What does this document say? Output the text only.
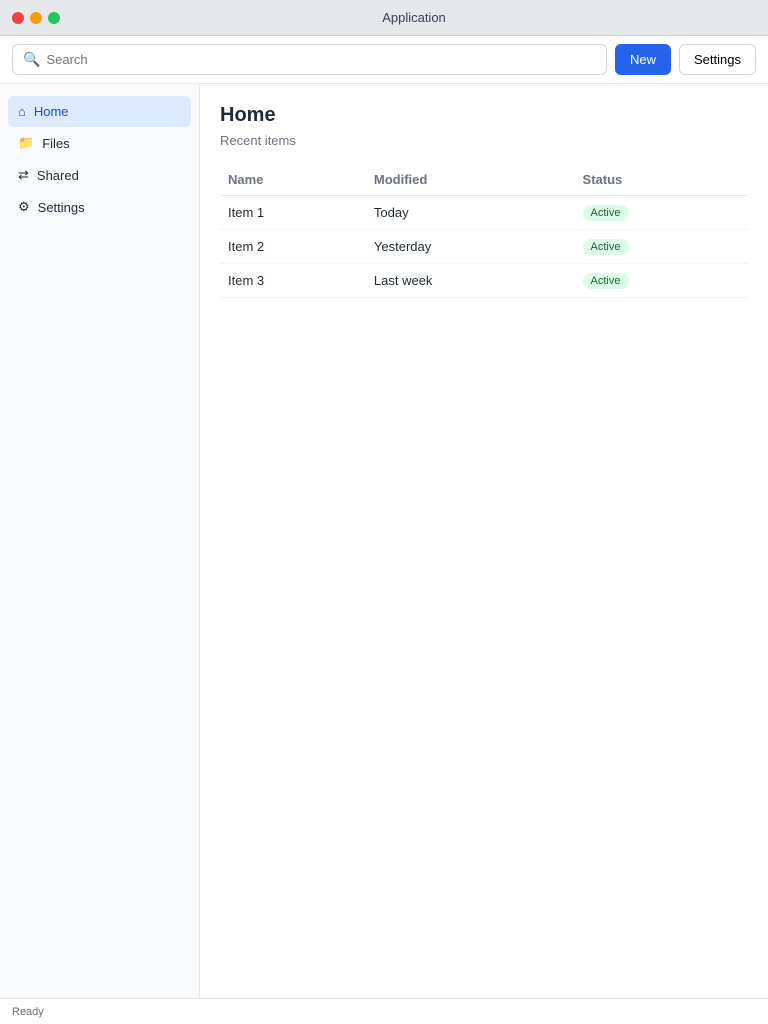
Application
🔍
Search	New	Settings
⌂ Home
📁 Files
⇄ Shared
⚙ Settings
Home
Recent items
Name	Modified	Status
Item 1	Today	Active
Item 2	Yesterday	Active
Item 3	Last week	Active
Ready
